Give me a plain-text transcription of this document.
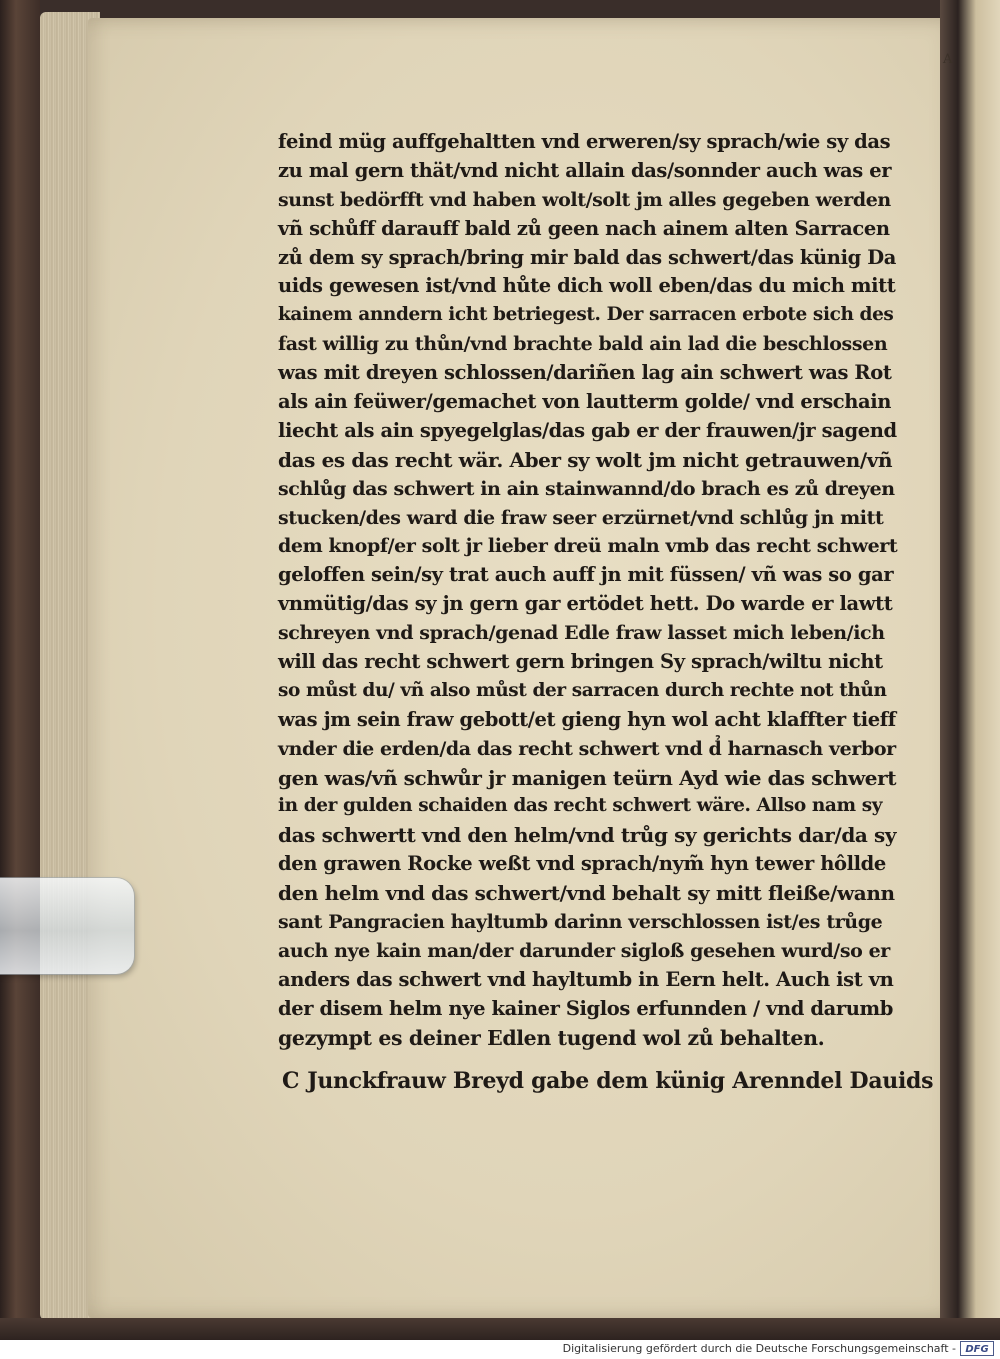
A
feind müg auffgehaltten vnd erweren/sy sprach/wie sy das
zu mal gern thät/vnd nicht allain das/sonnder auch was er
sunst bedörfft vnd haben wolt/solt jm alles gegeben werden
vñ schůff darauff bald zů geen nach ainem alten Sarracen
zů dem sy sprach/bring mir bald das schwert/das künig Da
uids gewesen ist/vnd hůte dich woll eben/das du mich mitt
kainem anndern icht betriegest. Der sarracen erbote sich des
fast willig zu thůn/vnd brachte bald ain lad die beschlossen
was mit dreyen schlossen/dariñen lag ain schwert was Rot
als ain feüwer/gemachet von lautterm golde/ vnd erschain
liecht als ain spyegelglas/das gab er der frauwen/jr sagend
das es das recht wär. Aber sy wolt jm nicht getrauwen/vñ
schlůg das schwert in ain stainwannd/do brach es zů dreyen
stucken/des ward die fraw seer erzürnet/vnd schlůg jn mitt
dem knopf/er solt jr lieber dreü maln vmb das recht schwert
geloffen sein/sy trat auch auff jn mit füssen/ vñ was so gar
vnmütig/das sy jn gern gar ertödet hett. Do warde er lawtt
schreyen vnd sprach/genad Edle fraw lasset mich leben/ich
will das recht schwert gern bringen Sy sprach/wiltu nicht
so můst du/ vñ also můst der sarracen durch rechte not thůn
was jm sein fraw gebott/et gieng hyn wol acht klaffter tieff
vnder die erden/da das recht schwert vnd d̉ harnasch verbor
gen was/vñ schwůr jr manigen teürn Ayd wie das schwert
in der gulden schaiden das recht schwert wäre. Allso nam sy
das schwertt vnd den helm/vnd trůg sy gerichts dar/da sy
den grawen Rocke weßt vnd sprach/nym̃ hyn tewer hôllde
den helm vnd das schwert/vnd behalt sy mitt fleiße/wann
sant Pangracien hayltumb darinn verschlossen ist/es trůge
auch nye kain man/der darunder sigloß gesehen wurd/so er
anders das schwert vnd hayltumb in Eern helt. Auch ist vn
der disem helm nye kainer Siglos erfunnden / vnd darumb
gezympt es deiner Edlen tugend wol zů behalten.
C Junckfrauw Breyd gabe dem künig Arenndel Dauids
Digitalisierung gefördert durch die Deutsche Forschungsgemeinschaft - DFG
